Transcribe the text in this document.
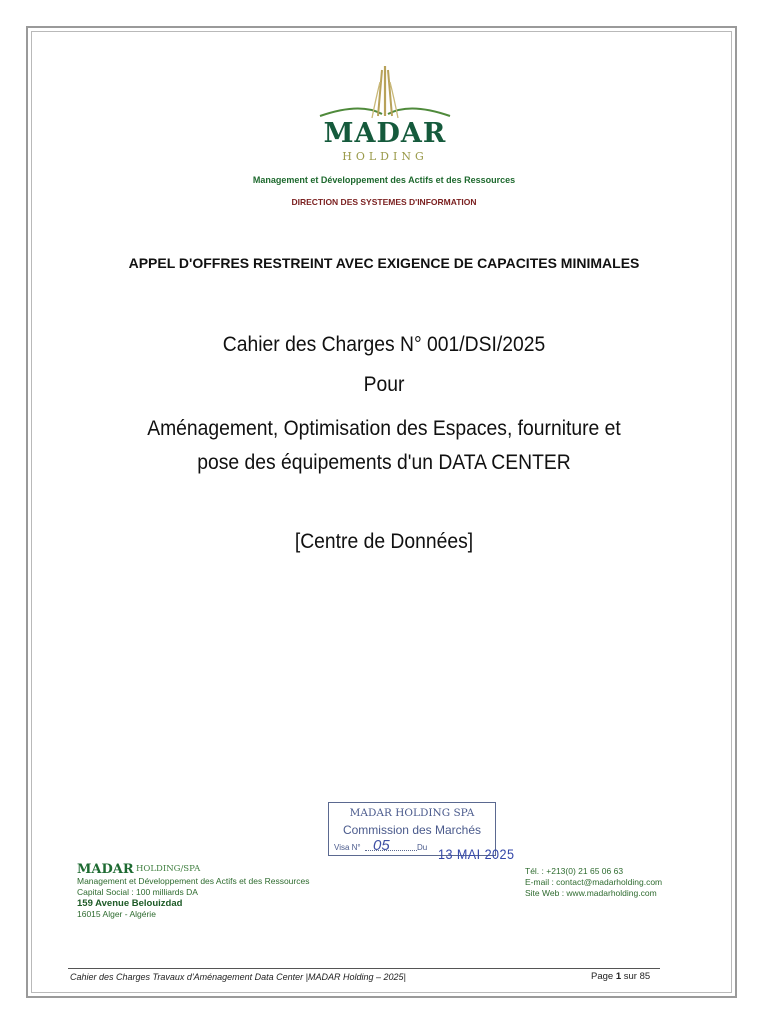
MADAR
HOLDING
Management et Développement des Actifs et des Ressources
DIRECTION DES SYSTEMES D'INFORMATION
APPEL D'OFFRES RESTREINT AVEC EXIGENCE DE CAPACITES MINIMALES
Cahier des Charges N° 001/DSI/2025
Pour
Aménagement, Optimisation des Espaces, fourniture et
pose des équipements d'un DATA CENTER
[Centre de Données]
MADAR HOLDING SPA
Commission des Marchés
Visa N° 05	Du 13 MAI 2025
MADAR HOLDING/SPA
Management et Développement des Actifs et des Ressources
Capital Social : 100 milliards DA
159 Avenue Belouizdad
16015 Alger - Algérie
Tél. : +213(0) 21 65 06 63
E-mail : contact@madarholding.com
Site Web : www.madarholding.com
Cahier des Charges Travaux d'Aménagement Data Center |MADAR Holding – 2025|	Page 1 sur 85
